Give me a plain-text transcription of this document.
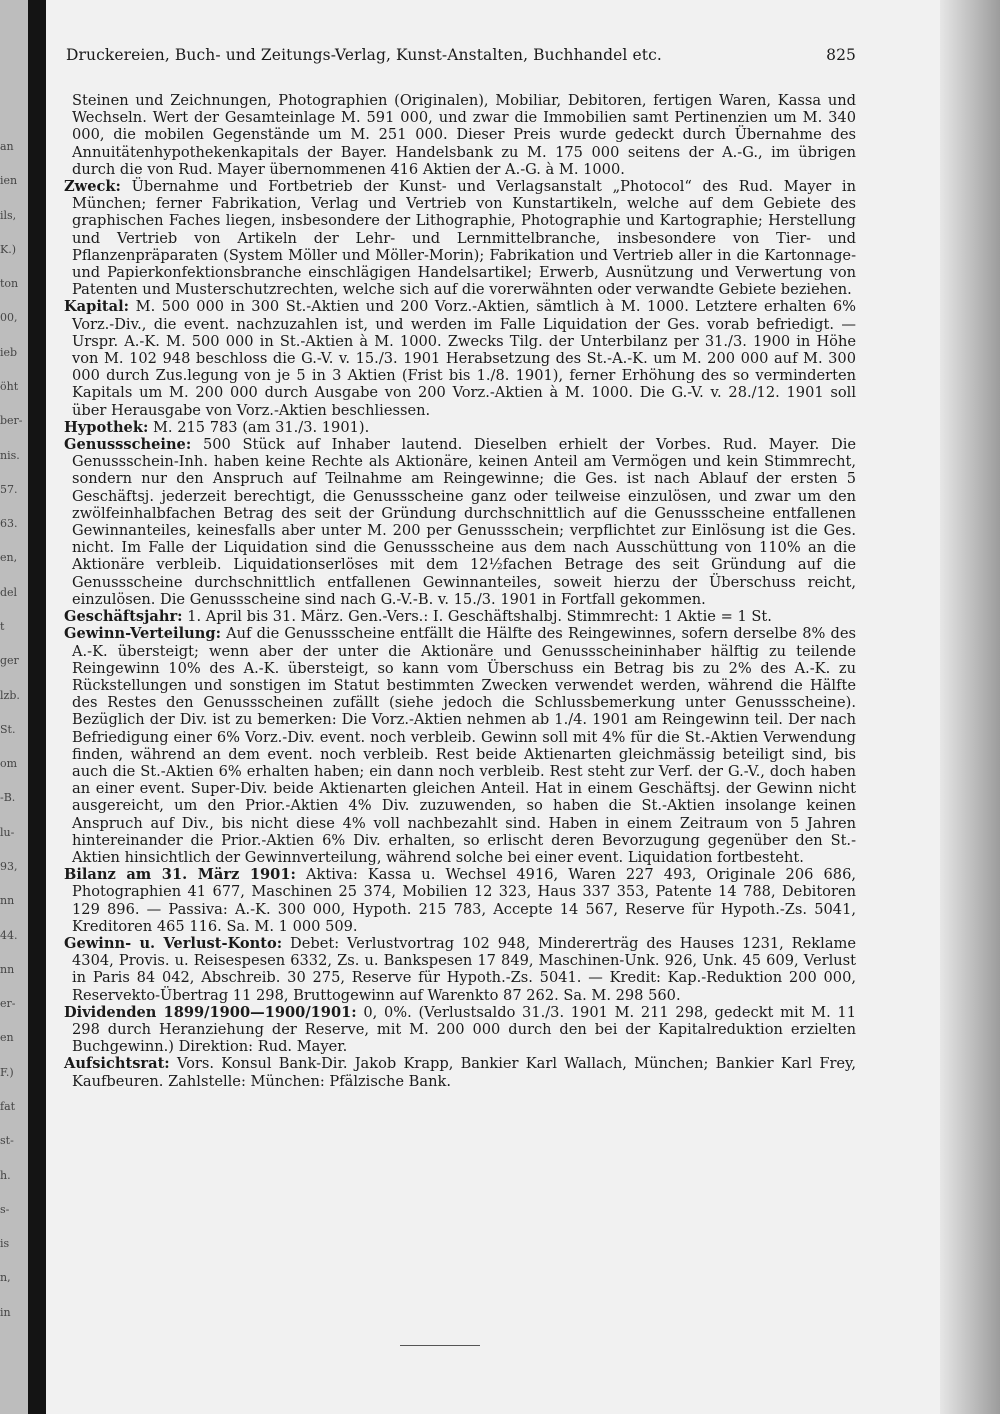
an
ien
ils,
K.)
ton
00,
ieb
öht
ber-
nis.
57.
63.
en,
del
t
ger
lzb.
St.
om
-B.
lu-
93,
nn
44.
nn
er-
en
F.)
fat
st-
h.
s-
is
n,
in
Druckereien, Buch- und Zeitungs-Verlag, Kunst-Anstalten, Buchhandel etc.	825

Steinen und Zeichnungen, Photographien (Originalen), Mobiliar, Debitoren, fertigen Waren, Kassa und Wechseln. Wert der Gesamteinlage M. 591 000, und zwar die Immobilien samt Pertinenzien um M. 340 000, die mobilen Gegenstände um M. 251 000. Dieser Preis wurde gedeckt durch Übernahme des Annuitätenhypothekenkapitals der Bayer. Handelsbank zu M. 175 000 seitens der A.-G., im übrigen durch die von Rud. Mayer übernommenen 416 Aktien der A.-G. à M. 1000.

Zweck: Übernahme und Fortbetrieb der Kunst- und Verlagsanstalt „Photocol“ des Rud. Mayer in München; ferner Fabrikation, Verlag und Vertrieb von Kunstartikeln, welche auf dem Gebiete des graphischen Faches liegen, insbesondere der Lithographie, Photographie und Kartographie; Herstellung und Vertrieb von Artikeln der Lehr- und Lernmittelbranche, insbesondere von Tier- und Pflanzenpräparaten (System Möller und Möller-Morin); Fabrikation und Vertrieb aller in die Kartonnage- und Papierkonfektionsbranche einschlägigen Handelsartikel; Erwerb, Ausnützung und Verwertung von Patenten und Musterschutzrechten, welche sich auf die vorerwähnten oder verwandte Gebiete beziehen.

Kapital: M. 500 000 in 300 St.-Aktien und 200 Vorz.-Aktien, sämtlich à M. 1000. Letztere erhalten 6% Vorz.-Div., die event. nachzuzahlen ist, und werden im Falle Liquidation der Ges. vorab befriedigt. — Urspr. A.-K. M. 500 000 in St.-Aktien à M. 1000. Zwecks Tilg. der Unterbilanz per 31./3. 1900 in Höhe von M. 102 948 beschloss die G.-V. v. 15./3. 1901 Herabsetzung des St.-A.-K. um M. 200 000 auf M. 300 000 durch Zus.legung von je 5 in 3 Aktien (Frist bis 1./8. 1901), ferner Erhöhung des so verminderten Kapitals um M. 200 000 durch Ausgabe von 200 Vorz.-Aktien à M. 1000. Die G.-V. v. 28./12. 1901 soll über Herausgabe von Vorz.-Aktien beschliessen.

Hypothek: M. 215 783 (am 31./3. 1901).

Genussscheine: 500 Stück auf Inhaber lautend. Dieselben erhielt der Vorbes. Rud. Mayer. Die Genussschein-Inh. haben keine Rechte als Aktionäre, keinen Anteil am Vermögen und kein Stimmrecht, sondern nur den Anspruch auf Teilnahme am Reingewinne; die Ges. ist nach Ablauf der ersten 5 Geschäftsj. jederzeit berechtigt, die Genussscheine ganz oder teilweise einzulösen, und zwar um den zwölfeinhalbfachen Betrag des seit der Gründung durchschnittlich auf die Genussscheine entfallenen Gewinnanteiles, keinesfalls aber unter M. 200 per Genussschein; verpflichtet zur Einlösung ist die Ges. nicht. Im Falle der Liquidation sind die Genussscheine aus dem nach Ausschüttung von 110% an die Aktionäre verbleib. Liquidationserlöses mit dem 12½fachen Betrage des seit Gründung auf die Genussscheine durchschnittlich entfallenen Gewinnanteiles, soweit hierzu der Überschuss reicht, einzulösen. Die Genussscheine sind nach G.-V.-B. v. 15./3. 1901 in Fortfall gekommen.

Geschäftsjahr: 1. April bis 31. März. Gen.-Vers.: I. Geschäftshalbj. Stimmrecht: 1 Aktie = 1 St.

Gewinn-Verteilung: Auf die Genussscheine entfällt die Hälfte des Reingewinnes, sofern derselbe 8% des A.-K. übersteigt; wenn aber der unter die Aktionäre und Genussscheininhaber hälftig zu teilende Reingewinn 10% des A.-K. übersteigt, so kann vom Überschuss ein Betrag bis zu 2% des A.-K. zu Rückstellungen und sonstigen im Statut bestimmten Zwecken verwendet werden, während die Hälfte des Restes den Genussscheinen zufällt (siehe jedoch die Schlussbemerkung unter Genussscheine). Bezüglich der Div. ist zu bemerken: Die Vorz.-Aktien nehmen ab 1./4. 1901 am Reingewinn teil. Der nach Befriedigung einer 6% Vorz.-Div. event. noch verbleib. Gewinn soll mit 4% für die St.-Aktien Verwendung finden, während an dem event. noch verbleib. Rest beide Aktienarten gleichmässig beteiligt sind, bis auch die St.-Aktien 6% erhalten haben; ein dann noch verbleib. Rest steht zur Verf. der G.-V., doch haben an einer event. Super-Div. beide Aktienarten gleichen Anteil. Hat in einem Geschäftsj. der Gewinn nicht ausgereicht, um den Prior.-Aktien 4% Div. zuzuwenden, so haben die St.-Aktien insolange keinen Anspruch auf Div., bis nicht diese 4% voll nachbezahlt sind. Haben in einem Zeitraum von 5 Jahren hintereinander die Prior.-Aktien 6% Div. erhalten, so erlischt deren Bevorzugung gegenüber den St.-Aktien hinsichtlich der Gewinnverteilung, während solche bei einer event. Liquidation fortbesteht.

Bilanz am 31. März 1901: Aktiva: Kassa u. Wechsel 4916, Waren 227 493, Originale 206 686, Photographien 41 677, Maschinen 25 374, Mobilien 12 323, Haus 337 353, Patente 14 788, Debitoren 129 896. — Passiva: A.-K. 300 000, Hypoth. 215 783, Accepte 14 567, Reserve für Hypoth.-Zs. 5041, Kreditoren 465 116. Sa. M. 1 000 509.

Gewinn- u. Verlust-Konto: Debet: Verlustvortrag 102 948, Mindererträg des Hauses 1231, Reklame 4304, Provis. u. Reisespesen 6332, Zs. u. Bankspesen 17 849, Maschinen-Unk. 926, Unk. 45 609, Verlust in Paris 84 042, Abschreib. 30 275, Reserve für Hypoth.-Zs. 5041. — Kredit: Kap.-Reduktion 200 000, Reservekto-Übertrag 11 298, Bruttogewinn auf Warenkto 87 262. Sa. M. 298 560.

Dividenden 1899/1900—1900/1901: 0, 0%. (Verlustsaldo 31./3. 1901 M. 211 298, gedeckt mit M. 11 298 durch Heranziehung der Reserve, mit M. 200 000 durch den bei der Kapitalreduktion erzielten Buchgewinn.) Direktion: Rud. Mayer.

Aufsichtsrat: Vors. Konsul Bank-Dir. Jakob Krapp, Bankier Karl Wallach, München; Bankier Karl Frey, Kaufbeuren. Zahlstelle: München: Pfälzische Bank.
